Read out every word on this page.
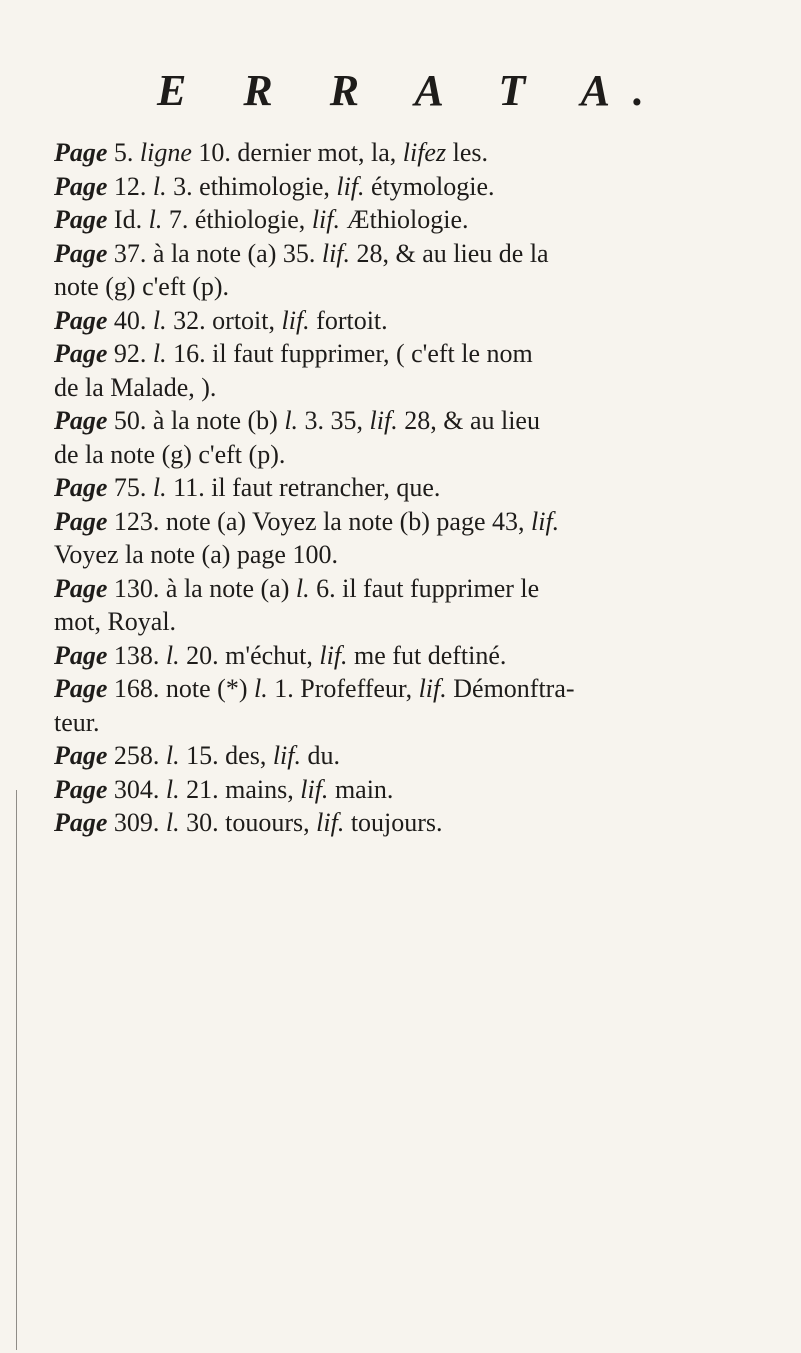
E R R A T A.
Page 5. ligne 10. dernier mot, la, lifez les.
Page 12. l. 3. ethimologie, lif. étymologie.
Page Id. l. 7. éthiologie, lif. Æthiologie.
Page 37. à la note (a) 35. lif. 28, & au lieu de la
note (g) c'eft (p).
Page 40. l. 32. ortoit, lif. fortoit.
Page 92. l. 16. il faut fupprimer, ( c'eft le nom
de la Malade, ).
Page 50. à la note (b) l. 3. 35, lif. 28, & au lieu
de la note (g) c'eft (p).
Page 75. l. 11. il faut retrancher, que.
Page 123. note (a) Voyez la note (b) page 43, lif.
Voyez la note (a) page 100.
Page 130. à la note (a) l. 6. il faut fupprimer le
mot, Royal.
Page 138. l. 20. m'échut, lif. me fut deftiné.
Page 168. note (*) l. 1. Profeffeur, lif. Démonftra-
teur.
Page 258. l. 15. des, lif. du.
Page 304. l. 21. mains, lif. main.
Page 309. l. 30. touours, lif. toujours.
